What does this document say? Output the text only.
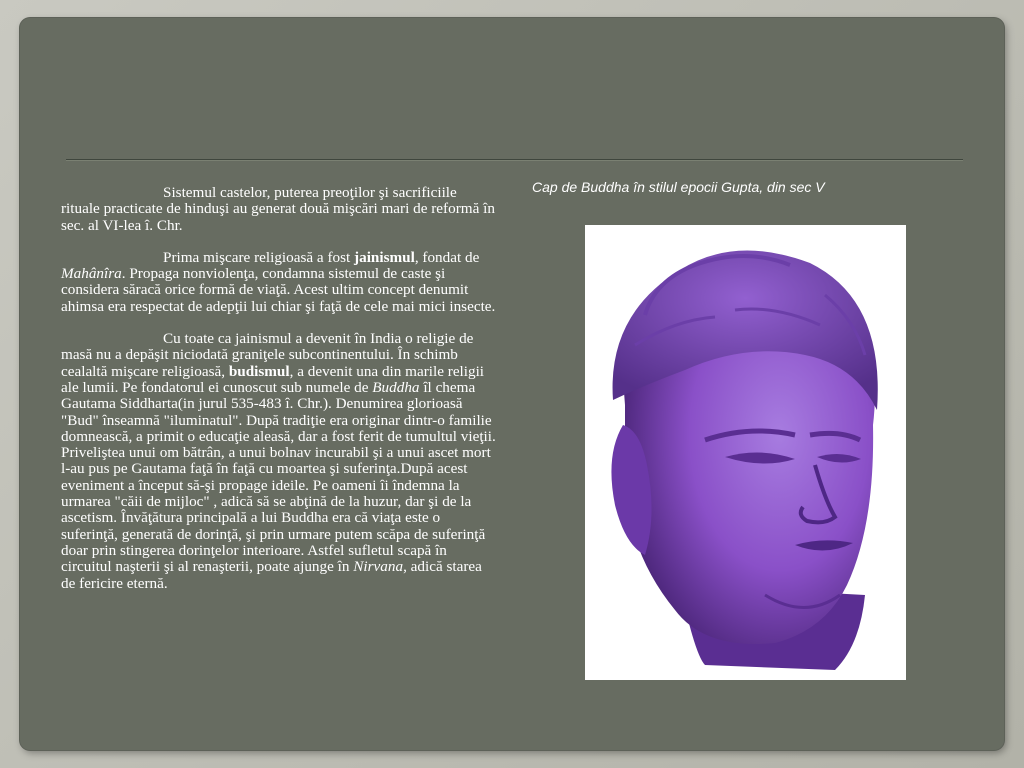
Sistemul castelor, puterea preoţilor şi sacrificiile rituale practicate de hinduşi au generat două mişcări mari de reformă în sec. al VI-lea î. Chr.

Prima mişcare religioasă a fost jainismul, fondat de Mahânîra. Propaga nonviolenţa, condamna sistemul de caste şi considera săracă orice formă de viaţă. Acest ultim concept denumit ahimsa era respectat de adepţii lui chiar şi faţă de cele mai mici insecte.

Cu toate ca jainismul a devenit în India o religie de masă nu a depăşit niciodată graniţele subcontinentului. În schimb cealaltă mişcare religioasă, budismul, a devenit una din marile religii ale lumii. Pe fondatorul ei cunoscut sub numele de Buddha îl chema Gautama Siddharta(in jurul 535-483 î. Chr.). Denumirea glorioasă "Bud" înseamnă "iluminatul". După tradiţie era originar dintr-o familie domnească, a primit o educaţie aleasă, dar a fost ferit de tumultul vieţii. Priveliştea unui om bătrân, a unui bolnav incurabil şi a unui ascet mort l-au pus pe Gautama faţă în faţă cu moartea şi suferinţa.După acest eveniment a început să-şi propage ideile. Pe oameni îi îndemna la urmarea "căii de mijloc" , adică să se abţină de la huzur, dar şi de la ascetism. Învăţătura principală a lui Buddha era că viaţa este o suferinţă, generată de dorinţă, şi prin urmare putem scăpa de suferinţă doar prin stingerea dorinţelor interioare. Astfel sufletul scapă în circuitul naşterii şi al renaşterii, poate ajunge în Nirvana, adică starea de fericire eternă.

Cap de Buddha în stilul epocii Gupta, din sec V
